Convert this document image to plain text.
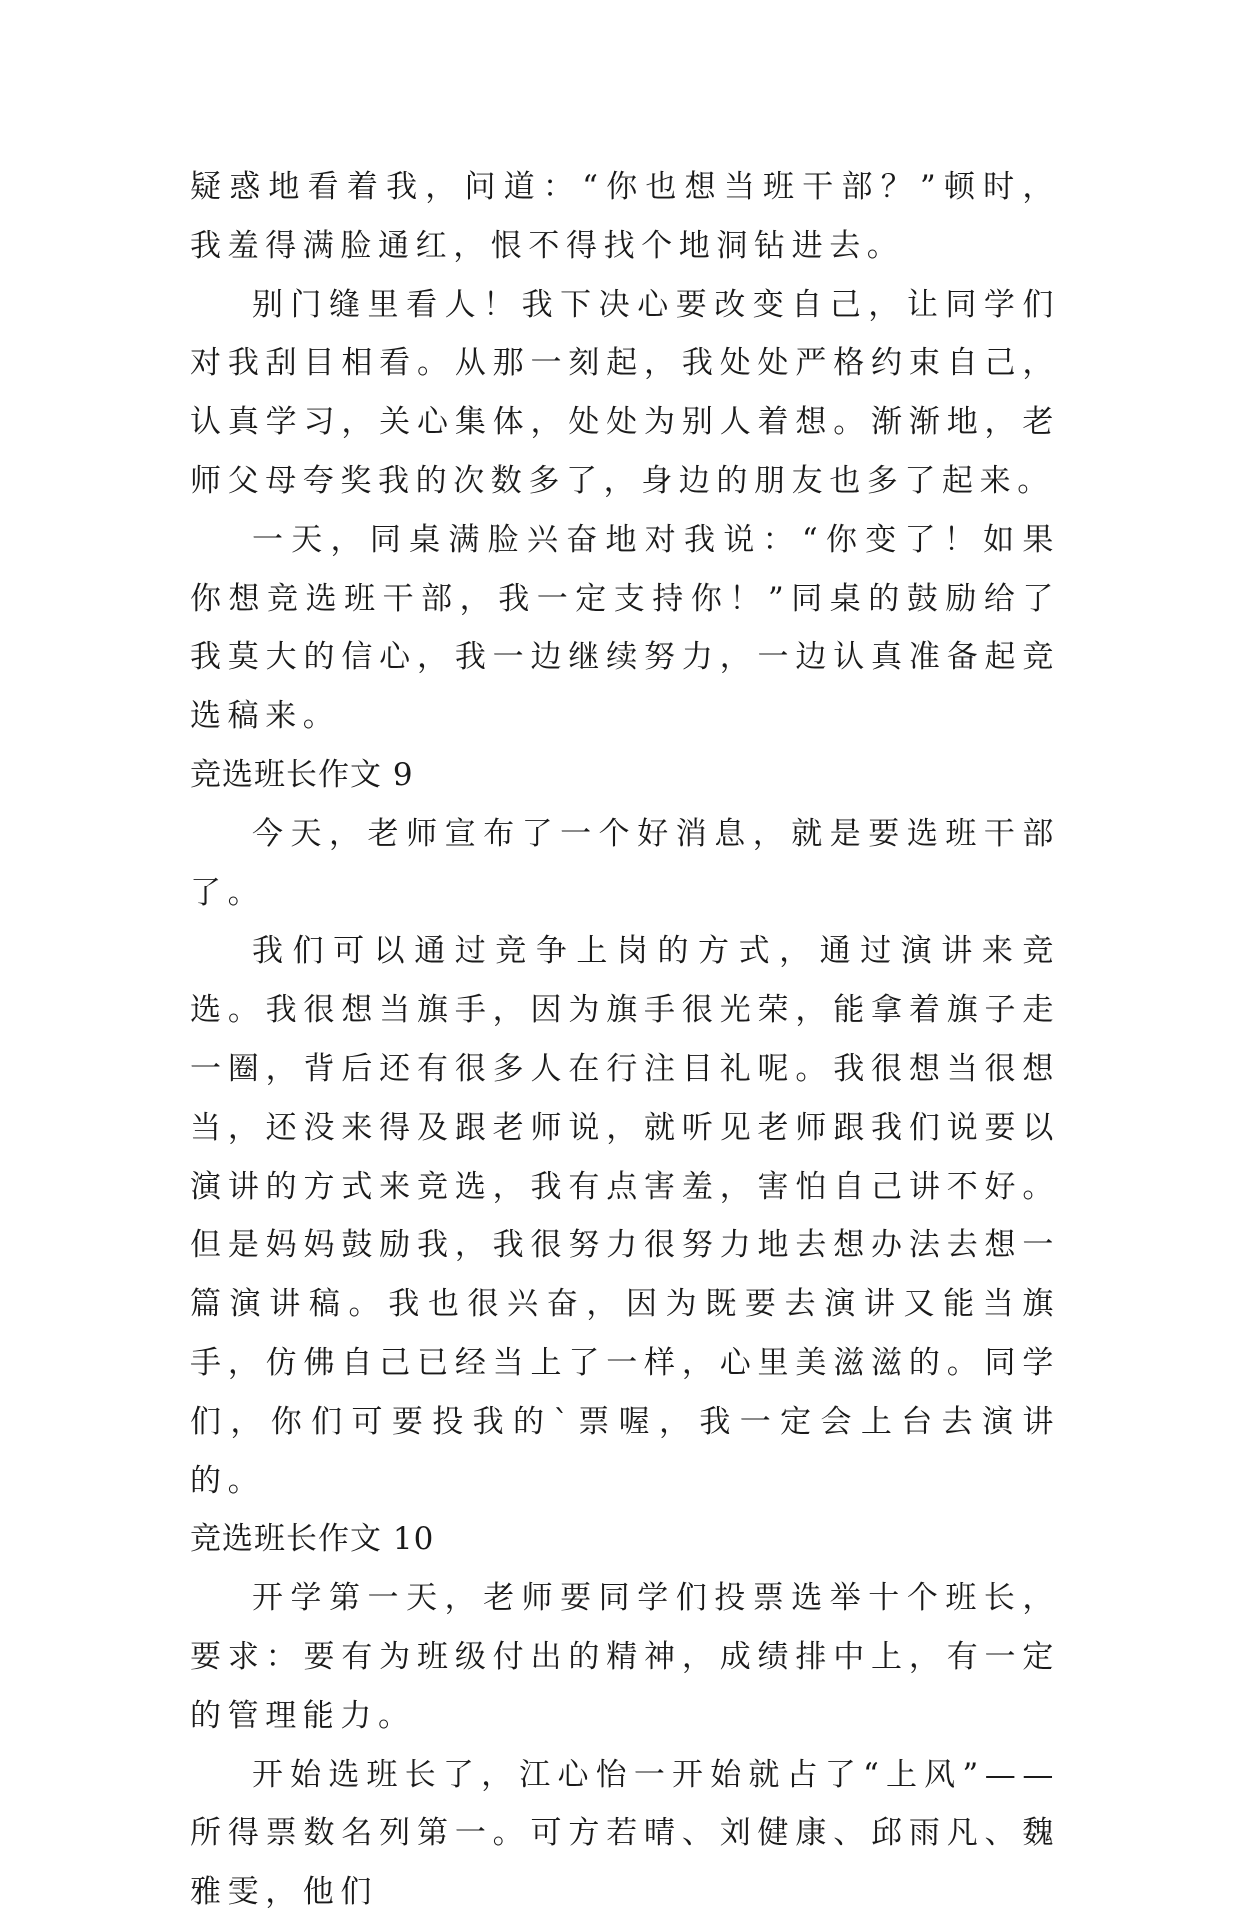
疑惑地看着我，问道：“你也想当班干部？”顿时，我羞得满脸通红，恨不得找个地洞钻进去。

别门缝里看人！我下决心要改变自己，让同学们对我刮目相看。从那一刻起，我处处严格约束自己，认真学习，关心集体，处处为别人着想。渐渐地，老师父母夸奖我的次数多了，身边的朋友也多了起来。

一天，同桌满脸兴奋地对我说：“你变了！如果你想竞选班干部，我一定支持你！”同桌的鼓励给了我莫大的信心，我一边继续努力，一边认真准备起竞选稿来。

竞选班长作文 9

今天，老师宣布了一个好消息，就是要选班干部了。

我们可以通过竞争上岗的方式，通过演讲来竞选。我很想当旗手，因为旗手很光荣，能拿着旗子走一圈，背后还有很多人在行注目礼呢。我很想当很想当，还没来得及跟老师说，就听见老师跟我们说要以演讲的方式来竞选，我有点害羞，害怕自己讲不好。但是妈妈鼓励我，我很努力很努力地去想办法去想一篇演讲稿。我也很兴奋，因为既要去演讲又能当旗手，仿佛自己已经当上了一样，心里美滋滋的。同学们，你们可要投我的`票喔，我一定会上台去演讲的。

竞选班长作文 10

开学第一天，老师要同学们投票选举十个班长，要求：要有为班级付出的精神，成绩排中上，有一定的管理能力。

开始选班长了，江心怡一开始就占了“上风”——所得票数名列第一。可方若晴、刘健康、邱雨凡、魏雅雯，他们
